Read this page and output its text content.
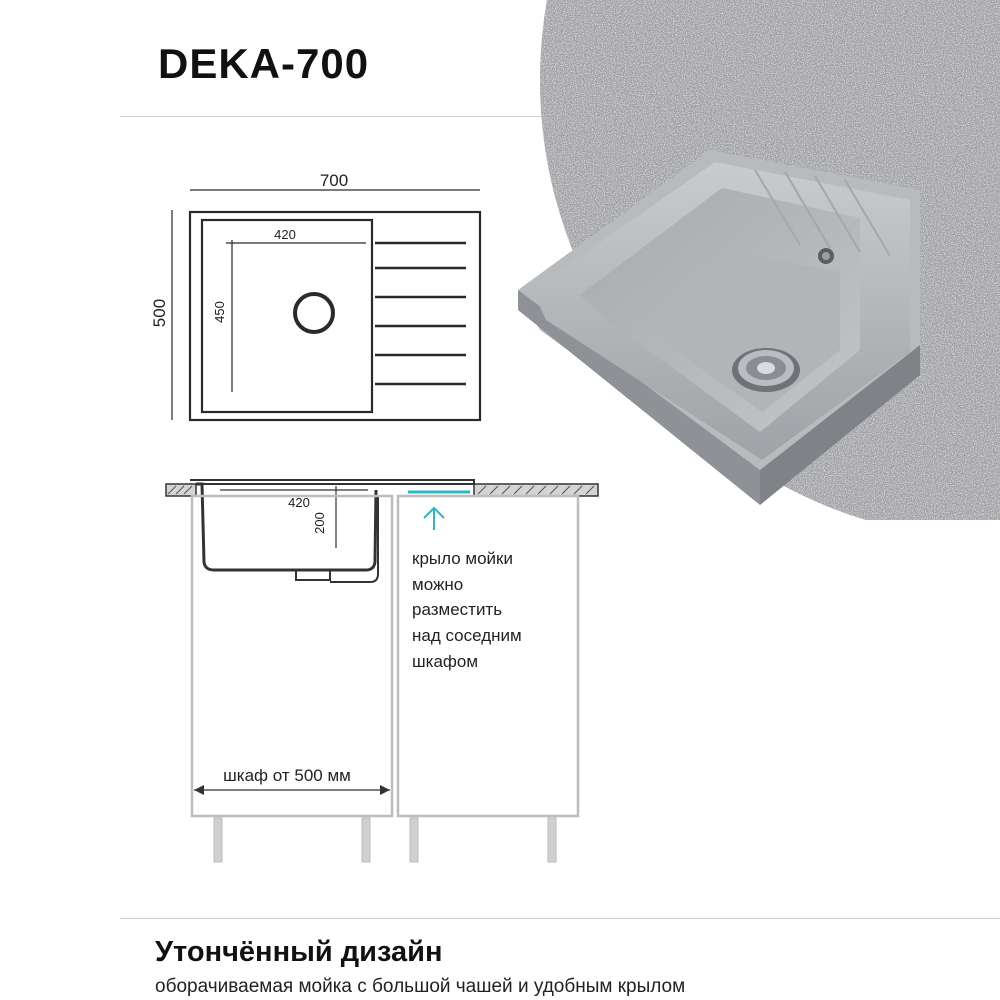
DEKA-700
700
500
420
450
420
200
шкаф от 500 мм
крыло мойки
можно
разместить
над соседним
шкафом
Утончённый дизайн
оборачиваемая мойка с большой чашей и удобным крылом
